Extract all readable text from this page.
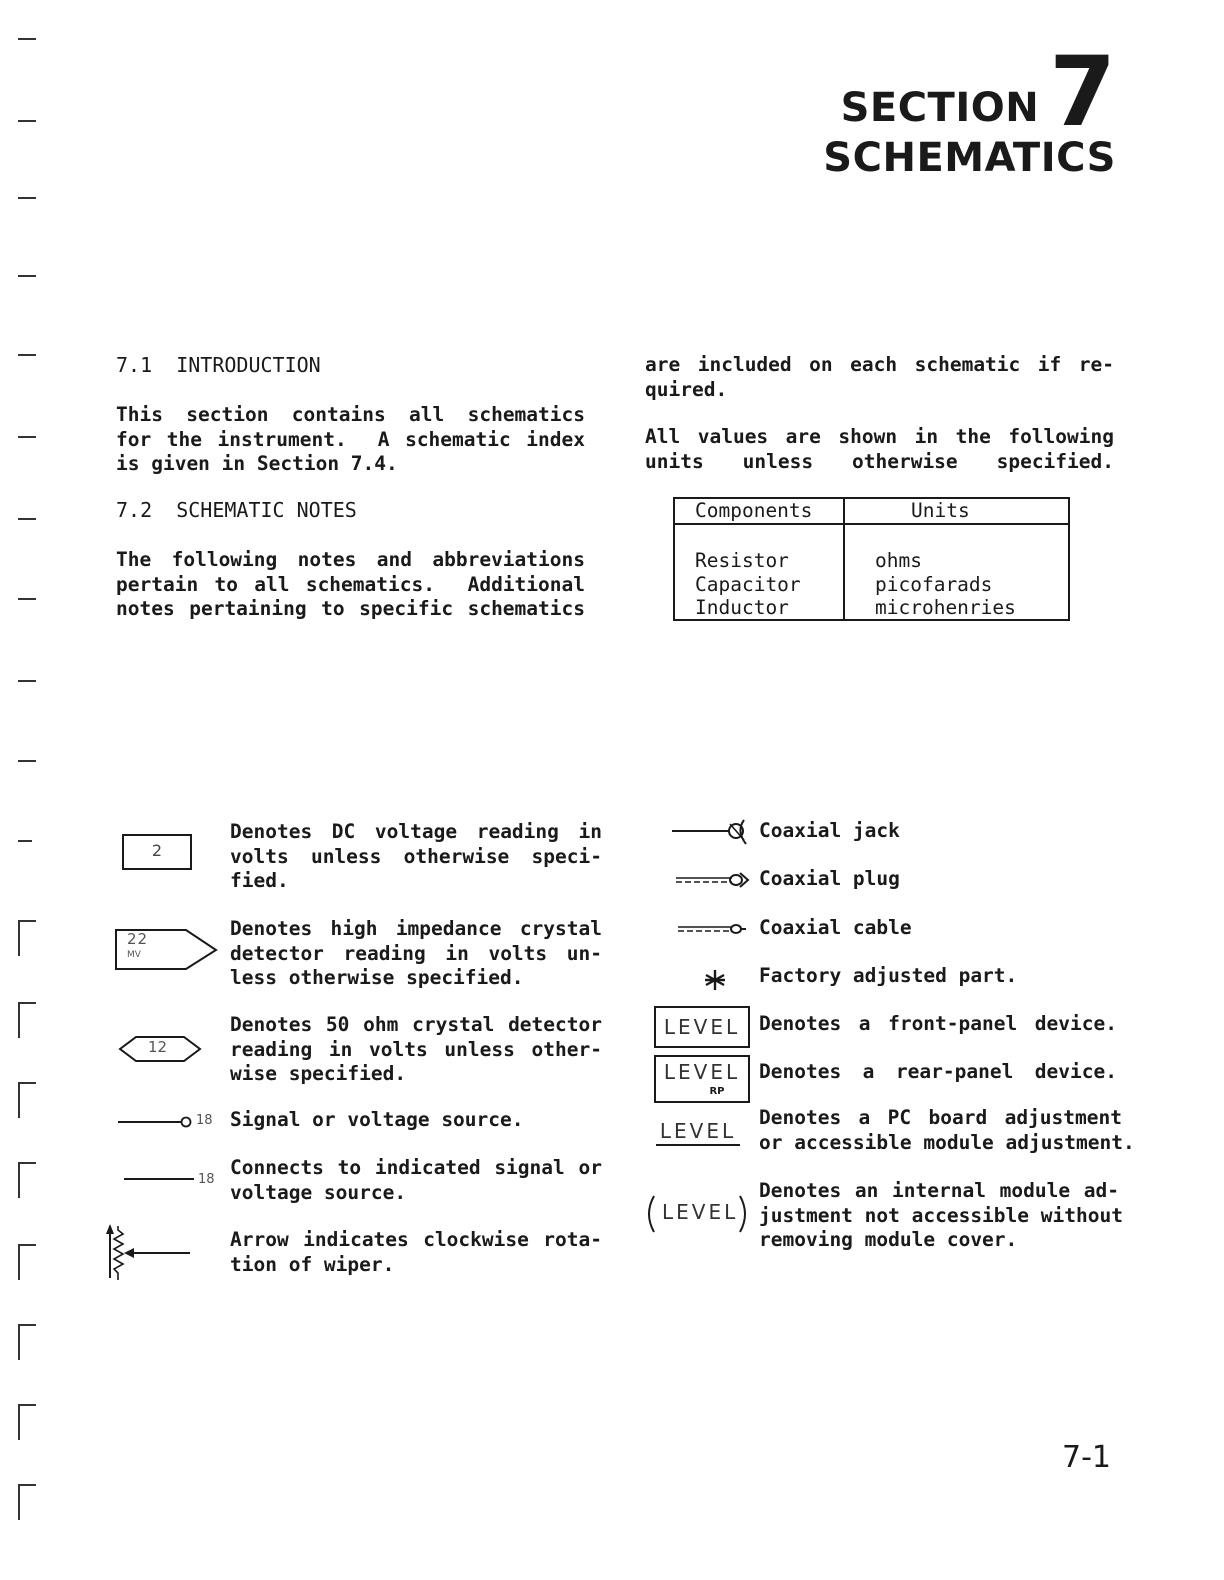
SECTION 7
SCHEMATICS
7.1  INTRODUCTION
This section contains all schematics
for the instrument.  A schematic index
is given in Section 7.4.
7.2  SCHEMATIC NOTES
The following notes and abbreviations
pertain to all schematics.  Additional
notes pertaining to specific schematics
are included on each schematic if re-
quired.
All values are shown in the following
units unless otherwise specified.
Components	Units

Resistor	ohms
Capacitor	picofarads
Inductor	microhenries
2
Denotes DC voltage reading in
volts unless otherwise speci-
fied.
22
MV
Denotes high impedance crystal
detector reading in volts un-
less otherwise specified.
12
Denotes 50 ohm crystal detector
reading in volts unless other-
wise specified.
18 Signal or voltage source.
18
Connects to indicated signal or
voltage source.
Arrow indicates clockwise rota-
tion of wiper.
Coaxial jack
Coaxial plug
Coaxial cable
Factory adjusted part.
LEVEL Denotes a front-panel device.
LEVEL
RP
Denotes a rear-panel device.
LEVEL
Denotes a PC board adjustment
or accessible module adjustment.
LEVEL
Denotes an internal module ad-
justment not accessible without
removing module cover.
7-1
